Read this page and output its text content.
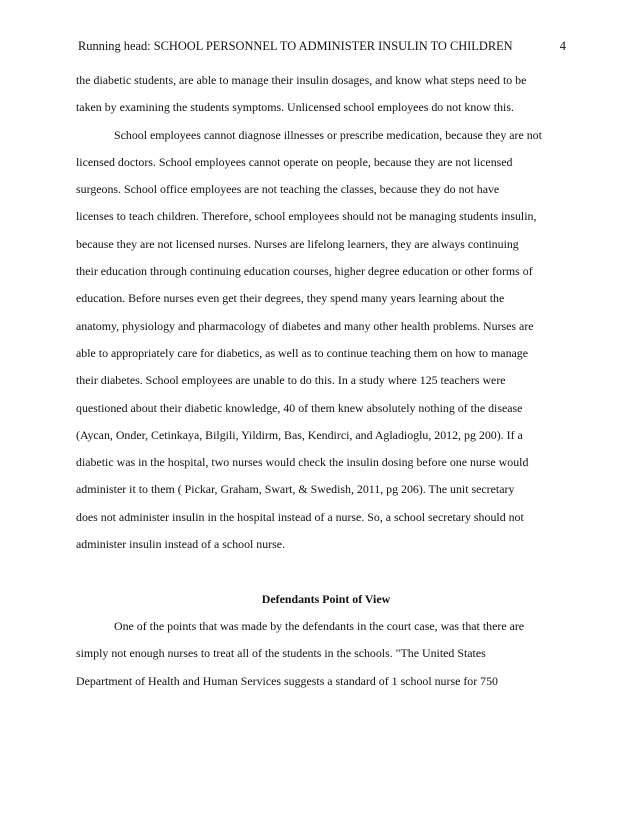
Running head: SCHOOL PERSONNEL TO ADMINISTER INSULIN TO CHILDREN	4
the diabetic students, are able to manage their insulin dosages, and know what steps need to be
taken by examining the students symptoms. Unlicensed school employees do not know this.
School employees cannot diagnose illnesses or prescribe medication, because they are not
licensed doctors. School employees cannot operate on people, because they are not licensed
surgeons. School office employees are not teaching the classes, because they do not have
licenses to teach children. Therefore, school employees should not be managing students insulin,
because they are not licensed nurses. Nurses are lifelong learners, they are always continuing
their education through continuing education courses, higher degree education or other forms of
education. Before nurses even get their degrees, they spend many years learning about the
anatomy, physiology and pharmacology of diabetes and many other health problems. Nurses are
able to appropriately care for diabetics, as well as to continue teaching them on how to manage
their diabetes. School employees are unable to do this. In a study where 125 teachers were
questioned about their diabetic knowledge, 40 of them knew absolutely nothing of the disease
(Aycan, Onder, Cetinkaya, Bilgili, Yildirm, Bas, Kendirci, and Agladioglu, 2012, pg 200). If a
diabetic was in the hospital, two nurses would check the insulin dosing before one nurse would
administer it to them ( Pickar, Graham, Swart, & Swedish, 2011, pg 206). The unit secretary
does not administer insulin in the hospital instead of a nurse. So, a school secretary should not
administer insulin instead of a school nurse.
Defendants Point of View
One of the points that was made by the defendants in the court case, was that there are
simply not enough nurses to treat all of the students in the schools. "The United States
Department of Health and Human Services suggests a standard of 1 school nurse for 750
